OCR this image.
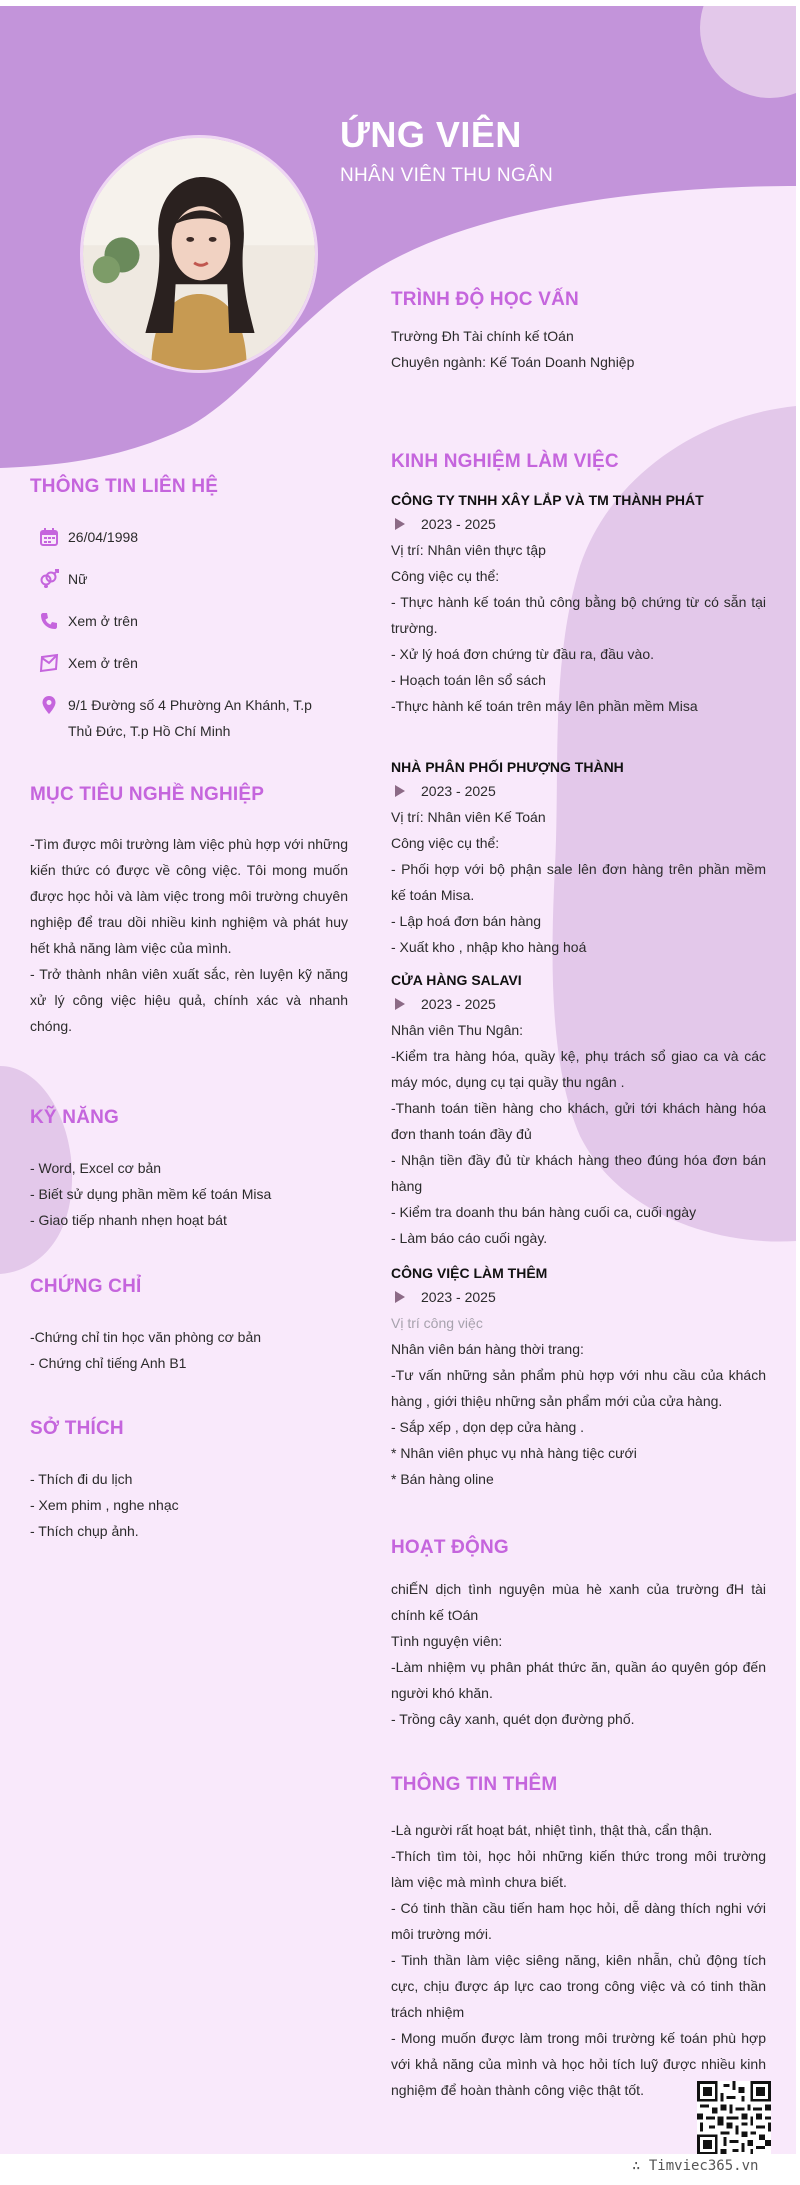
ỨNG VIÊN
NHÂN VIÊN THU NGÂN
TRÌNH ĐỘ HỌC VẤN
Trường Đh Tài chính kế tOán
Chuyên ngành: Kế Toán Doanh Nghiệp
THÔNG TIN LIÊN HỆ
26/04/1998
Nữ
Xem ở trên
Xem ở trên
9/1 Đường số 4 Phường An Khánh, T.p Thủ Đức, T.p Hồ Chí Minh
MỤC TIÊU NGHỀ NGHIỆP
-Tìm được môi trường làm việc phù hợp với những kiến thức có được về công việc. Tôi mong muốn được học hỏi và làm việc trong môi trường chuyên nghiệp để trau dồi nhiều kinh nghiệm và phát huy hết khả năng làm việc của mình.
- Trở thành nhân viên xuất sắc, rèn luyện kỹ năng xử lý công việc hiệu quả, chính xác và nhanh chóng.
KỸ NĂNG
- Word, Excel cơ bản
- Biết sử dụng phần mềm kế toán Misa
- Giao tiếp nhanh nhẹn hoạt bát
CHỨNG CHỈ
-Chứng chỉ tin học văn phòng cơ bản
- Chứng chỉ tiếng Anh B1
SỞ THÍCH
- Thích đi du lịch
- Xem phim , nghe nhạc
- Thích chụp ảnh.
KINH NGHIỆM LÀM VIỆC
CÔNG TY TNHH XÂY LẮP VÀ TM THÀNH PHÁT
2023 - 2025
Vị trí: Nhân viên thực tập
Công việc cụ thể:
- Thực hành kế toán thủ công bằng bộ chứng từ có sẵn tại trường.
- Xử lý hoá đơn chứng từ đầu ra, đầu vào.
- Hoạch toán lên sổ sách
-Thực hành kế toán trên máy lên phần mềm Misa
NHÀ PHÂN PHỐI PHƯỢNG THÀNH
2023 - 2025
Vị trí: Nhân viên Kế Toán
Công việc cụ thể:
- Phối hợp với bộ phận sale lên đơn hàng trên phần mềm kế toán Misa.
- Lập hoá đơn bán hàng
- Xuất kho , nhập kho hàng hoá
CỬA HÀNG SALAVI
2023 - 2025
Nhân viên Thu Ngân:
-Kiểm tra hàng hóa, quầy kệ, phụ trách sổ giao ca và các máy móc, dụng cụ tại quầy thu ngân .
-Thanh toán tiền hàng cho khách, gửi tới khách hàng hóa đơn thanh toán đầy đủ
- Nhận tiền đầy đủ từ khách hàng theo đúng hóa đơn bán hàng
- Kiểm tra doanh thu bán hàng cuối ca, cuối ngày
- Làm báo cáo cuối ngày.
CÔNG VIỆC LÀM THÊM
2023 - 2025
Vị trí công việc
Nhân viên bán hàng thời trang:
-Tư vấn những sản phẩm phù hợp với nhu cầu của khách hàng , giới thiệu những sản phẩm mới của cửa hàng.
- Sắp xếp , dọn dẹp cửa hàng .
* Nhân viên phục vụ nhà hàng tiệc cưới
* Bán hàng oline
HOẠT ĐỘNG
chiẾN dịch tình nguyện mùa hè xanh của trường đH tài chính kế tOán
Tình nguyện viên:
-Làm nhiệm vụ phân phát thức ăn, quần áo quyên góp đến người khó khăn.
- Trồng cây xanh, quét dọn đường phố.
THÔNG TIN THÊM
-Là người rất hoạt bát, nhiệt tình, thật thà, cẩn thận.
-Thích tìm tòi, học hỏi những kiến thức trong môi trường làm việc mà mình chưa biết.
- Có tinh thần cầu tiến ham học hỏi, dễ dàng thích nghi với môi trường mới.
- Tinh thần làm việc siêng năng, kiên nhẫn, chủ động tích cực, chịu được áp lực cao trong công việc và có tinh thần trách nhiệm
- Mong muốn được làm trong môi trường kế toán phù hợp với khả năng của mình và học hỏi tích luỹ được nhiều kinh nghiệm để hoàn thành công việc thật tốt.
∴ Timviec365.vn
